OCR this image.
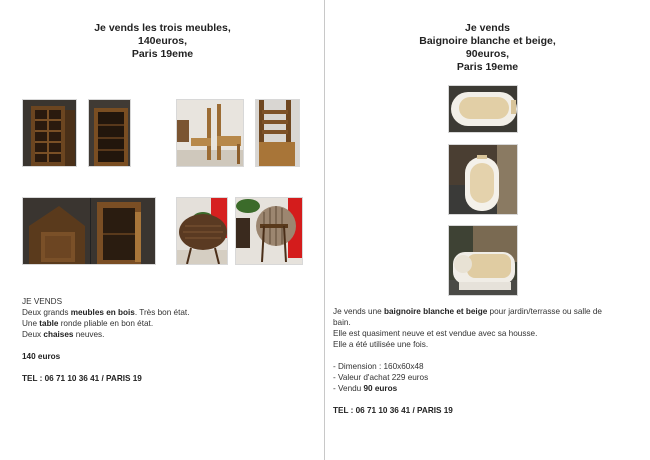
Je vends les trois meubles,
140euros,
Paris 19eme

JE VENDS

Deux grands meubles en bois. Très bon état.

Une table ronde pliable en bon état.

Deux chaises neuves.

140 euros

TEL : 06 71 10 36 41 / PARIS 19

Je vends
Baignoire blanche et beige,
90euros,
Paris 19eme

Je vends une baignoire blanche et beige pour jardin/terrasse ou salle de bain.

Elle est quasiment neuve et est vendue avec sa housse.

Elle a été utilisée une fois.

- Dimension : 160x60x48

- Valeur d'achat 229 euros

- Vendu 90 euros

TEL : 06 71 10 36 41 / PARIS 19
